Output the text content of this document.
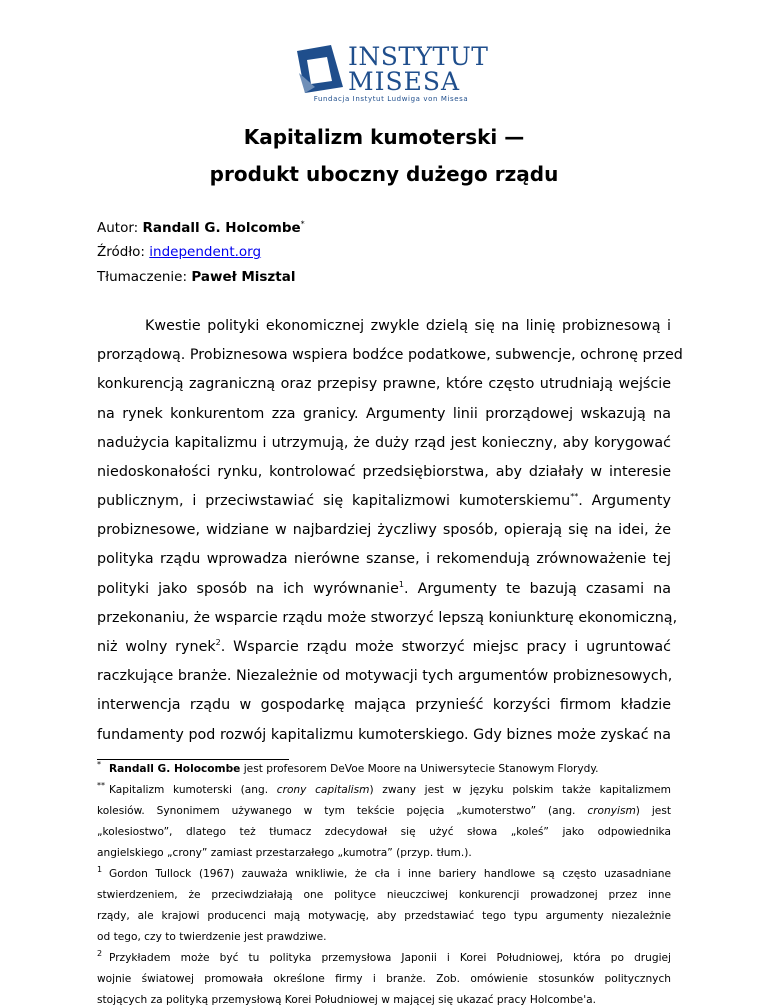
INSTYTUT
MISESA
Fundacja Instytut Ludwiga von Misesa
Kapitalizm kumoterski —
produkt uboczny dużego rządu
Autor: Randall G. Holcombe*
Źródło: independent.org
Tłumaczenie: Paweł Misztal
Kwestie polityki ekonomicznej zwykle dzielą się na linię probiznesową i
prorządową. Probiznesowa wspiera bodźce podatkowe, subwencje, ochronę przed
konkurencją zagraniczną oraz przepisy prawne, które często utrudniają wejście
na rynek konkurentom zza granicy. Argumenty linii prorządowej wskazują na
nadużycia kapitalizmu i utrzymują, że duży rząd jest konieczny, aby korygować
niedoskonałości rynku, kontrolować przedsiębiorstwa, aby działały w interesie
publicznym, i przeciwstawiać się kapitalizmowi kumoterskiemu**. Argumenty
probiznesowe, widziane w najbardziej życzliwy sposób, opierają się na idei, że
polityka rządu wprowadza nierówne szanse, i rekomendują zrównoważenie tej
polityki jako sposób na ich wyrównanie$^1$. Argumenty te bazują czasami na
przekonaniu, że wsparcie rządu może stworzyć lepszą koniunkturę ekonomiczną,
niż wolny rynek$^2$. Wsparcie rządu może stworzyć miejsc pracy i ugruntować
raczkujące branże. Niezależnie od motywacji tych argumentów probiznesowych,
interwencja rządu w gospodarkę mająca przynieść korzyści firmom kładzie
fundamenty pod rozwój kapitalizmu kumoterskiego. Gdy biznes może zyskać na
* Randall G. Holocombe jest profesorem DeVoe Moore na Uniwersytecie Stanowym Florydy.
** Kapitalizm kumoterski (ang. crony capitalism) zwany jest w języku polskim także kapitalizmem
kolesiów. Synonimem używanego w tym tekście pojęcia „kumoterstwo” (ang. cronyism) jest
„kolesiostwo”, dlatego też tłumacz zdecydował się użyć słowa „koleś” jako odpowiednika
angielskiego „crony” zamiast przestarzałego „kumotra” (przyp. tłum.).
1 Gordon Tullock (1967) zauważa wnikliwie, że cła i inne bariery handlowe są często uzasadniane
stwierdzeniem, że przeciwdziałają one polityce nieuczciwej konkurencji prowadzonej przez inne
rządy, ale krajowi producenci mają motywację, aby przedstawiać tego typu argumenty niezależnie
od tego, czy to twierdzenie jest prawdziwe.
2 Przykładem może być tu polityka przemysłowa Japonii i Korei Południowej, która po drugiej
wojnie światowej promowała określone firmy i branże. Zob. omówienie stosunków politycznych
stojących za polityką przemysłową Korei Południowej w mającej się ukazać pracy Holcombe'a.
